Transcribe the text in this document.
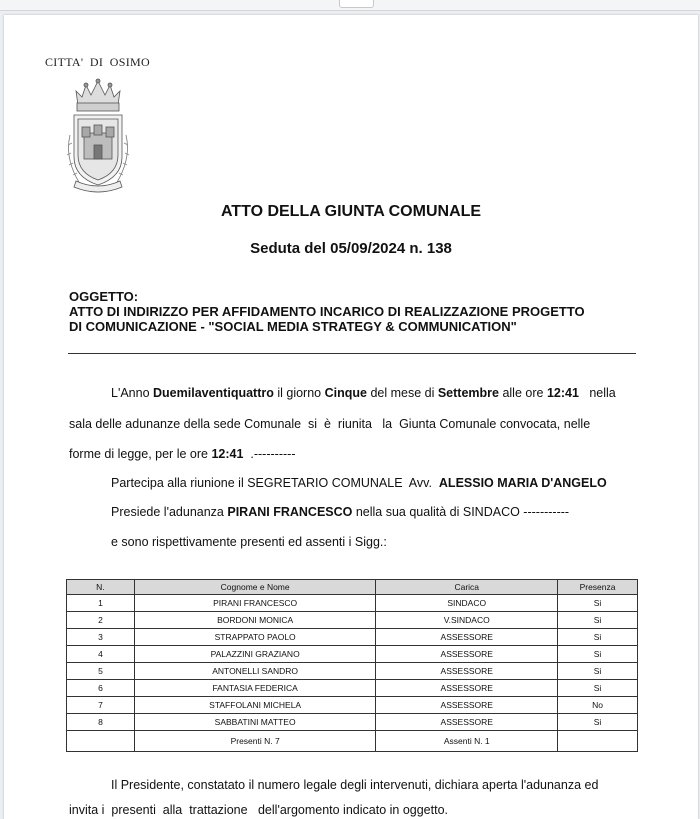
CITTA'  DI  OSIMO
ATTO DELLA GIUNTA COMUNALE
Seduta del 05/09/2024 n. 138
OGGETTO:
ATTO DI INDIRIZZO PER AFFIDAMENTO INCARICO DI REALIZZAZIONE PROGETTO
DI COMUNICAZIONE - "SOCIAL MEDIA STRATEGY & COMMUNICATION"
L'Anno Duemilaventiquattro il giorno Cinque del mese di Settembre alle ore 12:41   nella
sala delle adunanze della sede Comunale  si  è  riunita   la  Giunta Comunale convocata, nelle
forme di legge, per le ore 12:41  .----------
Partecipa alla riunione il SEGRETARIO COMUNALE  Avv.  ALESSIO MARIA D'ANGELO
Presiede l'adunanza PIRANI FRANCESCO nella sua qualità di SINDACO -----------
e sono rispettivamente presenti ed assenti i Sigg.:
N.	Cognome e Nome	Carica	Presenza
1	PIRANI FRANCESCO	SINDACO	Si
2	BORDONI MONICA	V.SINDACO	Si
3	STRAPPATO PAOLO	ASSESSORE	Si
4	PALAZZINI GRAZIANO	ASSESSORE	Si
5	ANTONELLI SANDRO	ASSESSORE	Si
6	FANTASIA FEDERICA	ASSESSORE	Si
7	STAFFOLANI MICHELA	ASSESSORE	No
8	SABBATINI MATTEO	ASSESSORE	Si
	Presenti N. 7	Assenti N. 1	
Il Presidente, constatato il numero legale degli intervenuti, dichiara aperta l'adunanza ed
invita i  presenti  alla  trattazione   dell'argomento indicato in oggetto.
